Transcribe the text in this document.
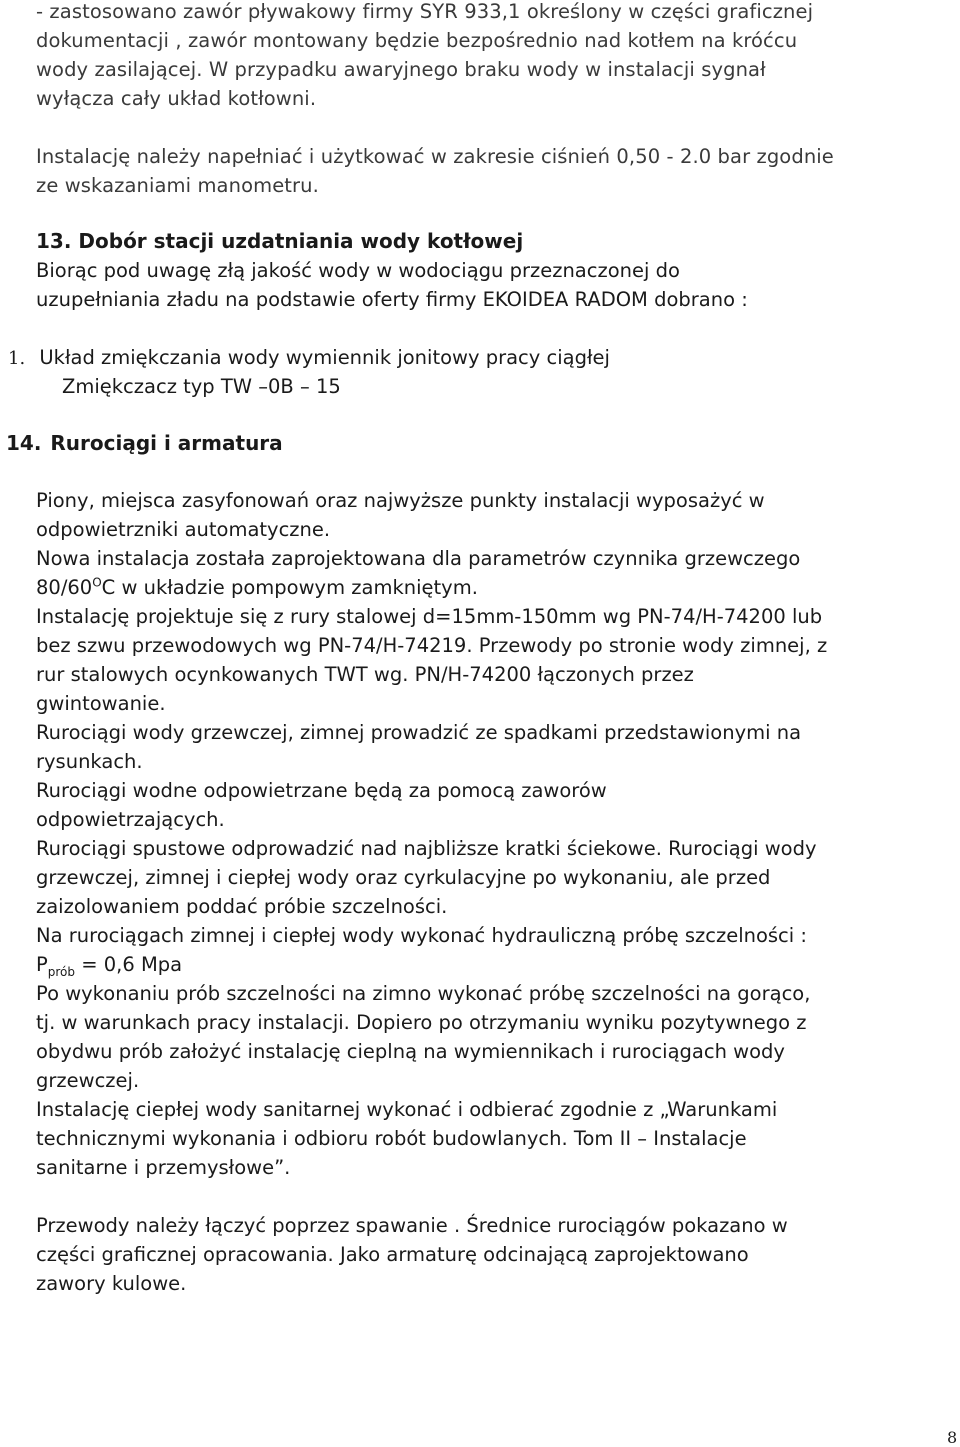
- zastosowano zawór pływakowy firmy SYR 933,1 określony w części graficznej
dokumentacji , zawór montowany będzie bezpośrednio nad kotłem na króćcu
wody zasilającej. W przypadku awaryjnego braku wody w instalacji sygnał
wyłącza cały układ kotłowni.
Instalację należy napełniać i użytkować w zakresie ciśnień 0,50 - 2.0 bar zgodnie
ze wskazaniami manometru.
13. Dobór stacji uzdatniania wody kotłowej
Biorąc pod uwagę złą jakość wody w wodociągu przeznaczonej do
uzupełniania zładu na podstawie oferty firmy EKOIDEA RADOM dobrano :
1. Układ zmiękczania wody wymiennik jonitowy pracy ciągłej
Zmiękczacz typ TW –0B – 15
14. Rurociągi i armatura
Piony, miejsca zasyfonowań oraz najwyższe punkty instalacji wyposażyć w
odpowietrzniki automatyczne.
Nowa instalacja została zaprojektowana dla parametrów czynnika grzewczego
$80/60^OC$ w układzie pompowym zamkniętym.
Instalację projektuje się z rury stalowej d=15mm-150mm wg PN-74/H-74200 lub
bez szwu przewodowych wg PN-74/H-74219. Przewody po stronie wody zimnej, z
rur stalowych ocynkowanych TWT wg. PN/H-74200 łączonych przez
gwintowanie.
Rurociągi wody grzewczej, zimnej prowadzić ze spadkami przedstawionymi na
rysunkach.
Rurociągi wodne odpowietrzane będą za pomocą zaworów
odpowietrzających.
Rurociągi spustowe odprowadzić nad najbliższe kratki ściekowe. Rurociągi wody
grzewczej, zimnej i ciepłej wody oraz cyrkulacyjne po wykonaniu, ale przed
zaizolowaniem poddać próbie szczelności.
Na rurociągach zimnej i ciepłej wody wykonać hydrauliczną próbę szczelności :
$P_{prób} = 0,6$ Mpa
Po wykonaniu prób szczelności na zimno wykonać próbę szczelności na gorąco,
tj. w warunkach pracy instalacji. Dopiero po otrzymaniu wyniku pozytywnego z
obydwu prób założyć instalację cieplną na wymiennikach i rurociągach wody
grzewczej.
Instalację ciepłej wody sanitarnej wykonać i odbierać zgodnie z „Warunkami
technicznymi wykonania i odbioru robót budowlanych. Tom II – Instalacje
sanitarne i przemysłowe”.
Przewody należy łączyć poprzez spawanie . Średnice rurociągów pokazano w
części graficznej opracowania. Jako armaturę odcinającą zaprojektowano
zawory kulowe.
8
